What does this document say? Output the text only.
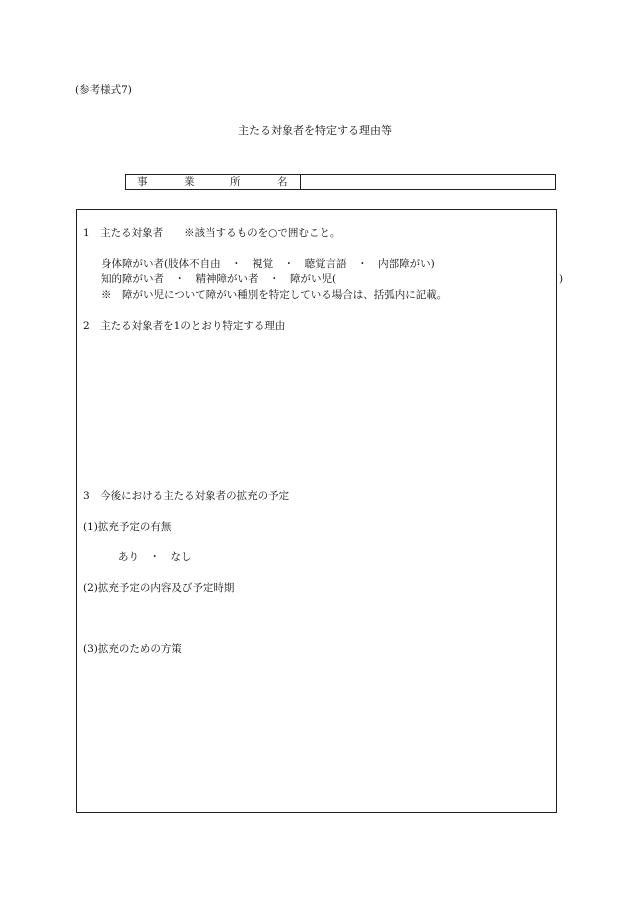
(参考様式7)
主たる対象者を特定する理由等
事	業	所	名
1　主たる対象者　　※該当するものを○で囲むこと。
身体障がい者(肢体不自由　・　視覚　・　聴覚言語　・　内部障がい)
知的障がい者　・　精神障がい者　・　障がい児(	)
※　障がい児について障がい種別を特定している場合は、括弧内に記載。
2　主たる対象者を1のとおり特定する理由
3　今後における主たる対象者の拡充の予定
(1)拡充予定の有無
あり　・　なし
(2)拡充予定の内容及び予定時期
(3)拡充のための方策
